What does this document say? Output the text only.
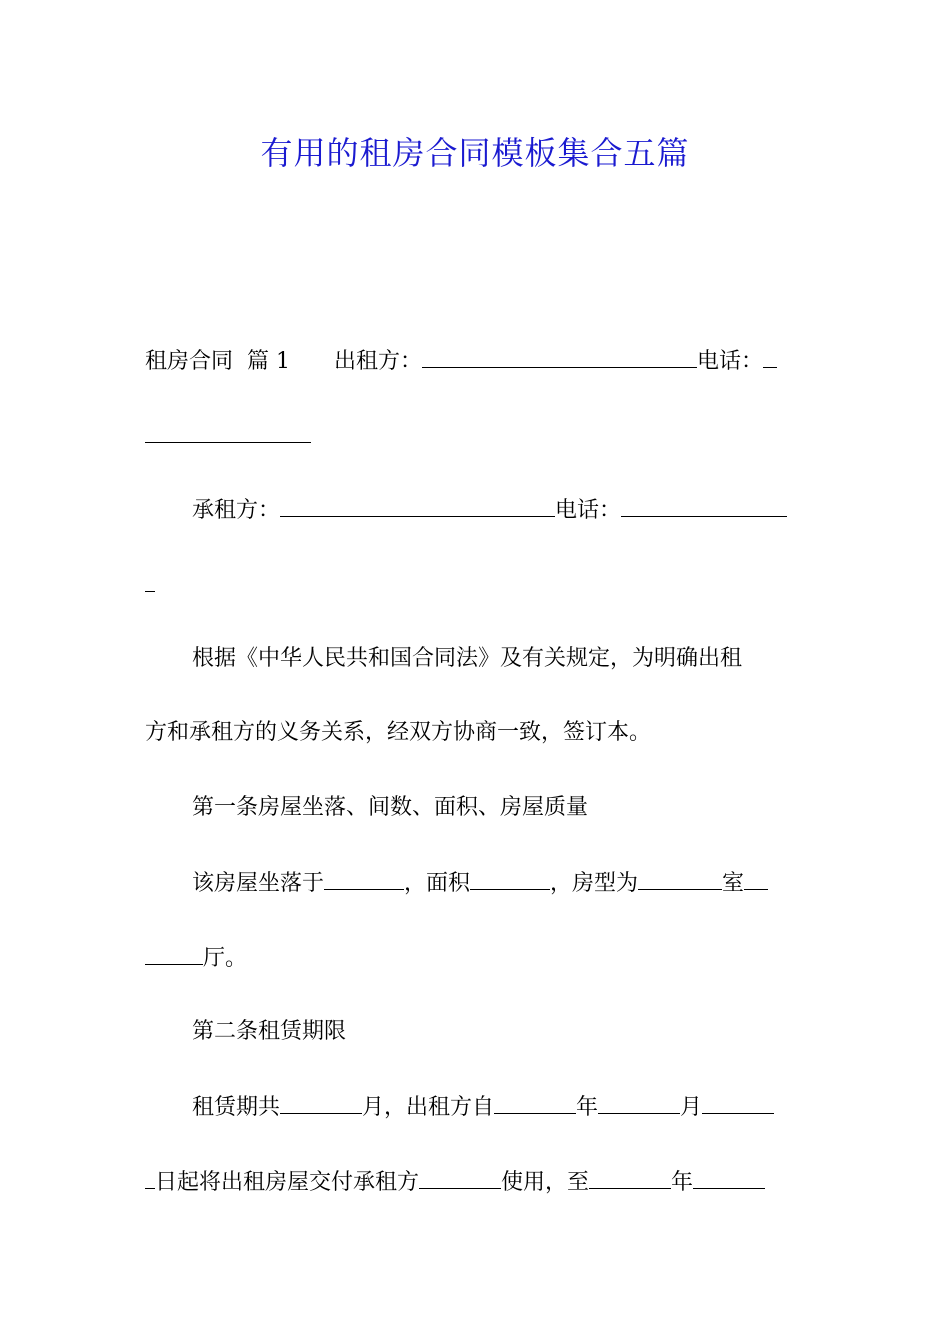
有用的租房合同模板集合五篇
租房合同 篇 1 出租方：	电话：
承租方：	电话：
根据《中华人民共和国合同法》及有关规定，为明确出租
方和承租方的义务关系，经双方协商一致，签订本。
第一条房屋坐落、间数、面积、房屋质量
该房屋坐落于	，面积	，房型为	室
厅。
第二条租赁期限
租赁期共	月，出租方自	年	月
日起将出租房屋交付承租方	使用，至	年
